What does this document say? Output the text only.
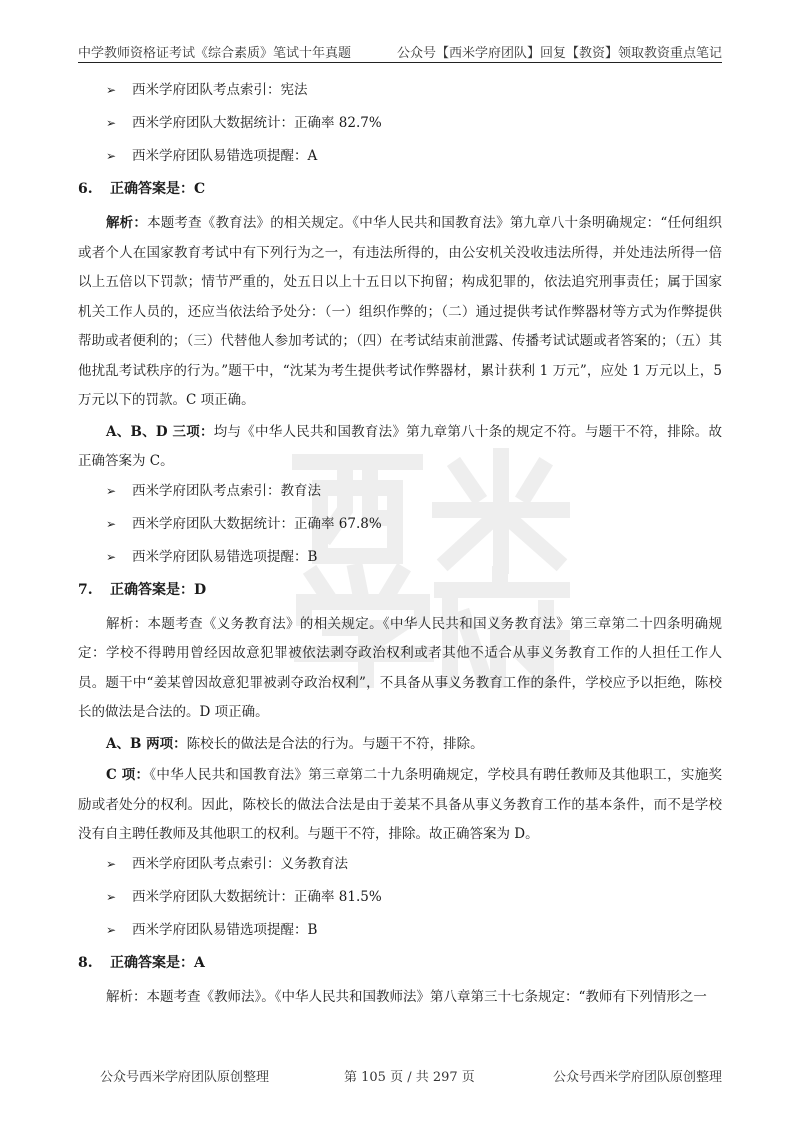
中学教师资格证考试《综合素质》笔试十年真题	公众号【西米学府团队】回复【教资】领取教资重点笔记
➢ 西米学府团队考点索引：宪法
➢ 西米学府团队大数据统计：正确率 82.7%
➢ 西米学府团队易错选项提醒：A
6. 正确答案是：C

解析：本题考查《教育法》的相关规定。《中华人民共和国教育法》第九章八十条明确规定：“任何组织或者个人在国家教育考试中有下列行为之一，有违法所得的，由公安机关没收违法所得，并处违法所得一倍以上五倍以下罚款；情节严重的，处五日以上十五日以下拘留；构成犯罪的，依法追究刑事责任；属于国家机关工作人员的，还应当依法给予处分：（一）组织作弊的；（二）通过提供考试作弊器材等方式为作弊提供帮助或者便利的；（三）代替他人参加考试的；（四）在考试结束前泄露、传播考试试题或者答案的；（五）其他扰乱考试秩序的行为。”题干中，“沈某为考生提供考试作弊器材，累计获利 1 万元”，应处 1 万元以上，5 万元以下的罚款。C 项正确。

A、B、D 三项：均与《中华人民共和国教育法》第九章第八十条的规定不符。与题干不符，排除。故正确答案为 C。

➢ 西米学府团队考点索引：教育法
➢ 西米学府团队大数据统计：正确率 67.8%
➢ 西米学府团队易错选项提醒：B
7. 正确答案是：D

解析：本题考查《义务教育法》的相关规定。《中华人民共和国义务教育法》第三章第二十四条明确规定：学校不得聘用曾经因故意犯罪被依法剥夺政治权利或者其他不适合从事义务教育工作的人担任工作人员。题干中“姜某曾因故意犯罪被剥夺政治权利”，不具备从事义务教育工作的条件，学校应予以拒绝，陈校长的做法是合法的。D 项正确。

A、B 两项：陈校长的做法是合法的行为。与题干不符，排除。

C 项：《中华人民共和国教育法》第三章第二十九条明确规定，学校具有聘任教师及其他职工，实施奖励或者处分的权利。因此，陈校长的做法合法是由于姜某不具备从事义务教育工作的基本条件，而不是学校没有自主聘任教师及其他职工的权利。与题干不符，排除。故正确答案为 D。

➢ 西米学府团队考点索引：义务教育法
➢ 西米学府团队大数据统计：正确率 81.5%
➢ 西米学府团队易错选项提醒：B
8. 正确答案是：A

解析：本题考查《教师法》。《中华人民共和国教师法》第八章第三十七条规定：“教师有下列情形之一

公众号西米学府团队原创整理	第 105 页 / 共 297 页	公众号西米学府团队原创整理
